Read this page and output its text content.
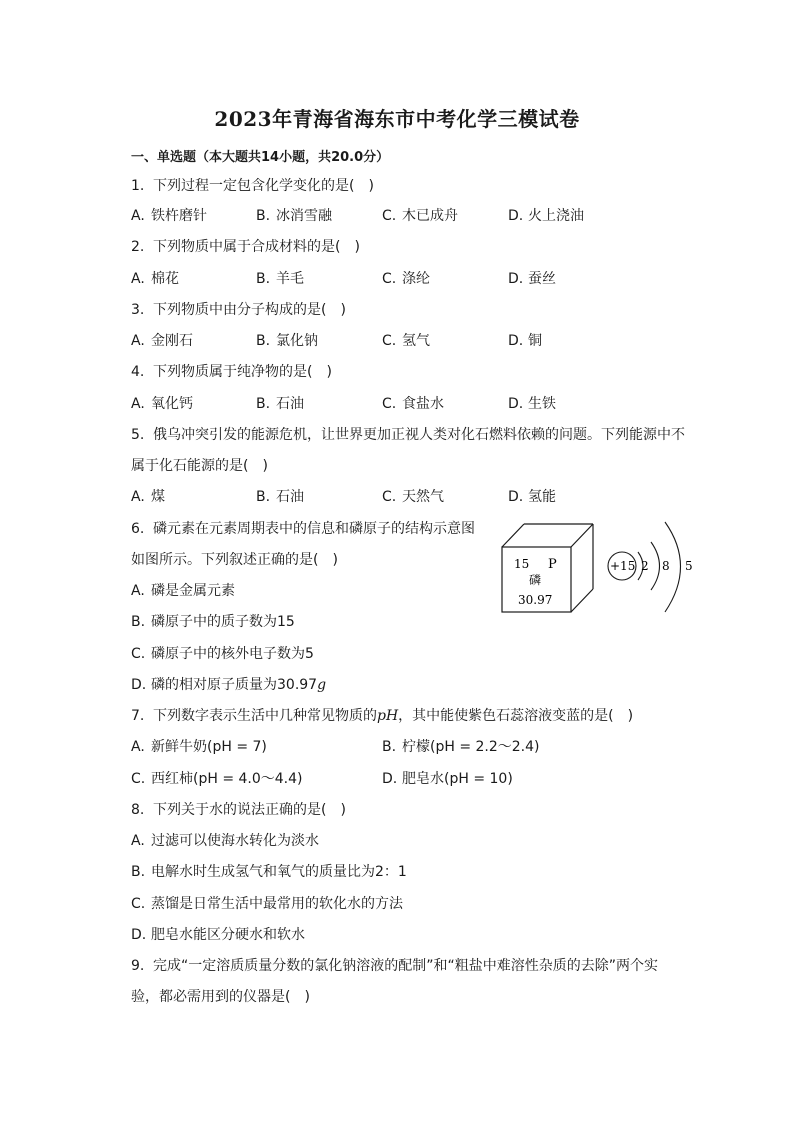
2023年青海省海东市中考化学三模试卷
一、单选题（本大题共14小题，共20.0分）
1. 下列过程一定包含化学变化的是(　)
A. 铁杵磨针	B. 冰消雪融	C. 木已成舟	D. 火上浇油
2. 下列物质中属于合成材料的是(　)
A. 棉花	B. 羊毛	C. 涤纶	D. 蚕丝
3. 下列物质中由分子构成的是(　)
A. 金刚石	B. 氯化钠	C. 氢气	D. 铜
4. 下列物质属于纯净物的是(　)
A. 氧化钙	B. 石油	C. 食盐水	D. 生铁
5. 俄乌冲突引发的能源危机，让世界更加正视人类对化石燃料依赖的问题。下列能源中不
属于化石能源的是(　)
A. 煤	B. 石油	C. 天然气	D. 氢能
6. 磷元素在元素周期表中的信息和磷原子的结构示意图
如图所示。下列叙述正确的是(　)
A. 磷是金属元素
B. 磷原子中的质子数为15
C. 磷原子中的核外电子数为5
D. 磷的相对原子质量为30.97g
15 P
磷
30.97
+15 2 8 5
7. 下列数字表示生活中几种常见物质的pH，其中能使紫色石蕊溶液变蓝的是(　)
A. 新鲜牛奶(pH = 7)	B. 柠檬(pH = 2.2～2.4)
C. 西红柿(pH = 4.0～4.4)	D. 肥皂水(pH = 10)
8. 下列关于水的说法正确的是(　)
A. 过滤可以使海水转化为淡水
B. 电解水时生成氢气和氧气的质量比为2：1
C. 蒸馏是日常生活中最常用的软化水的方法
D. 肥皂水能区分硬水和软水
9. 完成“一定溶质质量分数的氯化钠溶液的配制”和“粗盐中难溶性杂质的去除”两个实
验，都必需用到的仪器是(　)
